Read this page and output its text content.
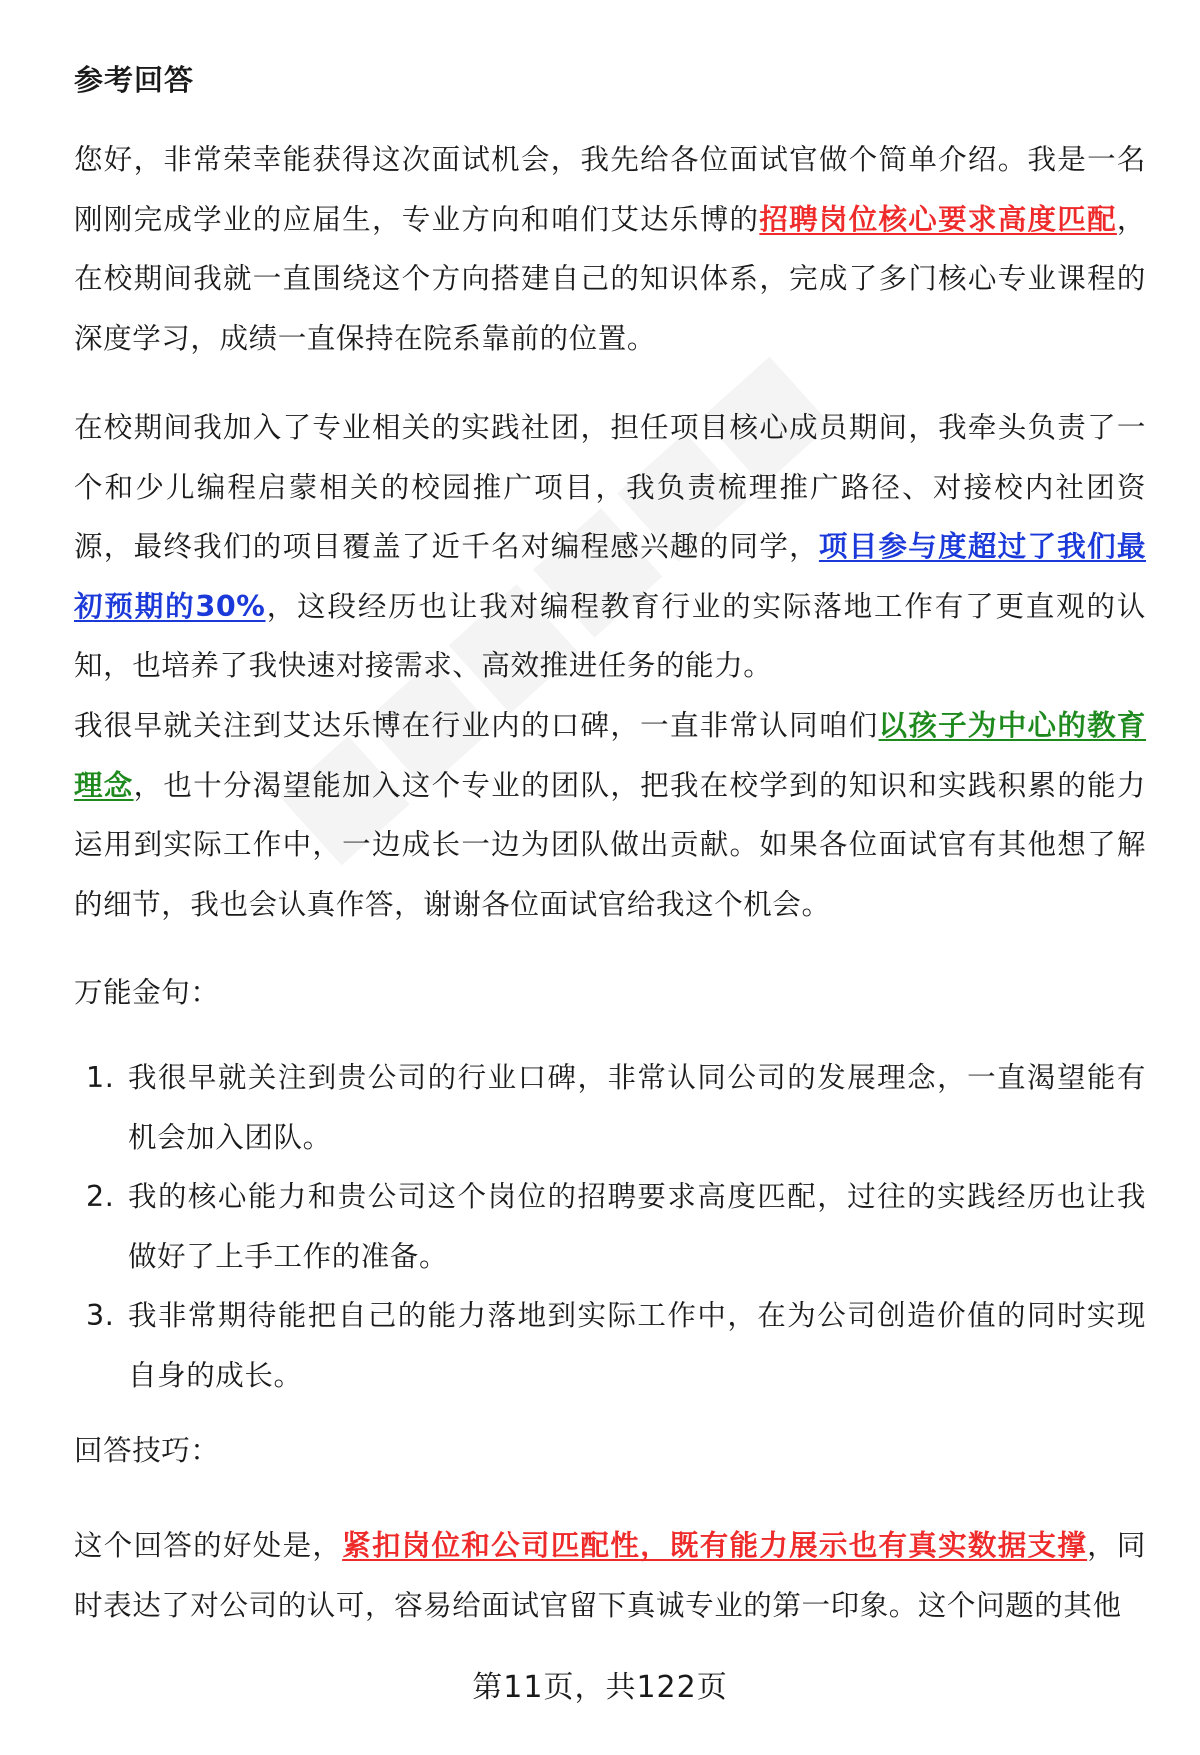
参考回答
您好，非常荣幸能获得这次面试机会，我先给各位面试官做个简单介绍。我是一名刚刚完成学业的应届生，专业方向和咱们艾达乐博的招聘岗位核心要求高度匹配，在校期间我就一直围绕这个方向搭建自己的知识体系，完成了多门核心专业课程的深度学习，成绩一直保持在院系靠前的位置。
在校期间我加入了专业相关的实践社团，担任项目核心成员期间，我牵头负责了一个和少儿编程启蒙相关的校园推广项目，我负责梳理推广路径、对接校内社团资源，最终我们的项目覆盖了近千名对编程感兴趣的同学，项目参与度超过了我们最初预期的30%，这段经历也让我对编程教育行业的实际落地工作有了更直观的认知，也培养了我快速对接需求、高效推进任务的能力。
我很早就关注到艾达乐博在行业内的口碑，一直非常认同咱们以孩子为中心的教育理念，也十分渴望能加入这个专业的团队，把我在校学到的知识和实践积累的能力运用到实际工作中，一边成长一边为团队做出贡献。如果各位面试官有其他想了解的细节，我也会认真作答，谢谢各位面试官给我这个机会。
万能金句：
1. 我很早就关注到贵公司的行业口碑，非常认同公司的发展理念，一直渴望能有机会加入团队。
2. 我的核心能力和贵公司这个岗位的招聘要求高度匹配，过往的实践经历也让我做好了上手工作的准备。
3. 我非常期待能把自己的能力落地到实际工作中，在为公司创造价值的同时实现自身的成长。
回答技巧：
这个回答的好处是，紧扣岗位和公司匹配性，既有能力展示也有真实数据支撑，同时表达了对公司的认可，容易给面试官留下真诚专业的第一印象。这个问题的其他
第11页，共122页
